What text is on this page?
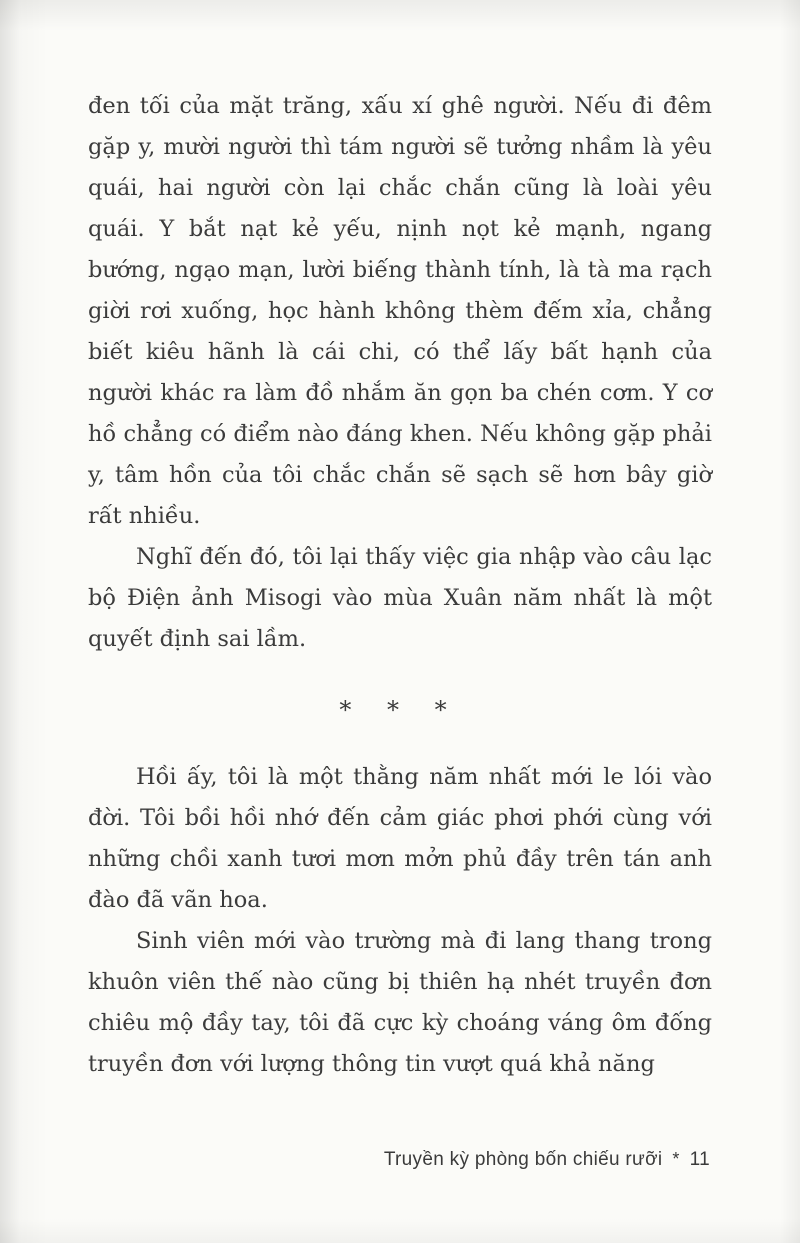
đen tối của mặt trăng, xấu xí ghê người. Nếu đi đêm gặp y, mười người thì tám người sẽ tưởng nhầm là yêu quái, hai người còn lại chắc chắn cũng là loài yêu quái. Y bắt nạt kẻ yếu, nịnh nọt kẻ mạnh, ngang bướng, ngạo mạn, lười biếng thành tính, là tà ma rạch giời rơi xuống, học hành không thèm đếm xỉa, chẳng biết kiêu hãnh là cái chi, có thể lấy bất hạnh của người khác ra làm đồ nhắm ăn gọn ba chén cơm. Y cơ hồ chẳng có điểm nào đáng khen. Nếu không gặp phải y, tâm hồn của tôi chắc chắn sẽ sạch sẽ hơn bây giờ rất nhiều.

Nghĩ đến đó, tôi lại thấy việc gia nhập vào câu lạc bộ Điện ảnh Misogi vào mùa Xuân năm nhất là một quyết định sai lầm.

* * *

Hồi ấy, tôi là một thằng năm nhất mới le lói vào đời. Tôi bồi hồi nhớ đến cảm giác phơi phới cùng với những chồi xanh tươi mơn mởn phủ đầy trên tán anh đào đã vãn hoa.

Sinh viên mới vào trường mà đi lang thang trong khuôn viên thế nào cũng bị thiên hạ nhét truyền đơn chiêu mộ đầy tay, tôi đã cực kỳ choáng váng ôm đống truyền đơn với lượng thông tin vượt quá khả năng

Truyền kỳ phòng bốn chiếu rưỡi * 11
